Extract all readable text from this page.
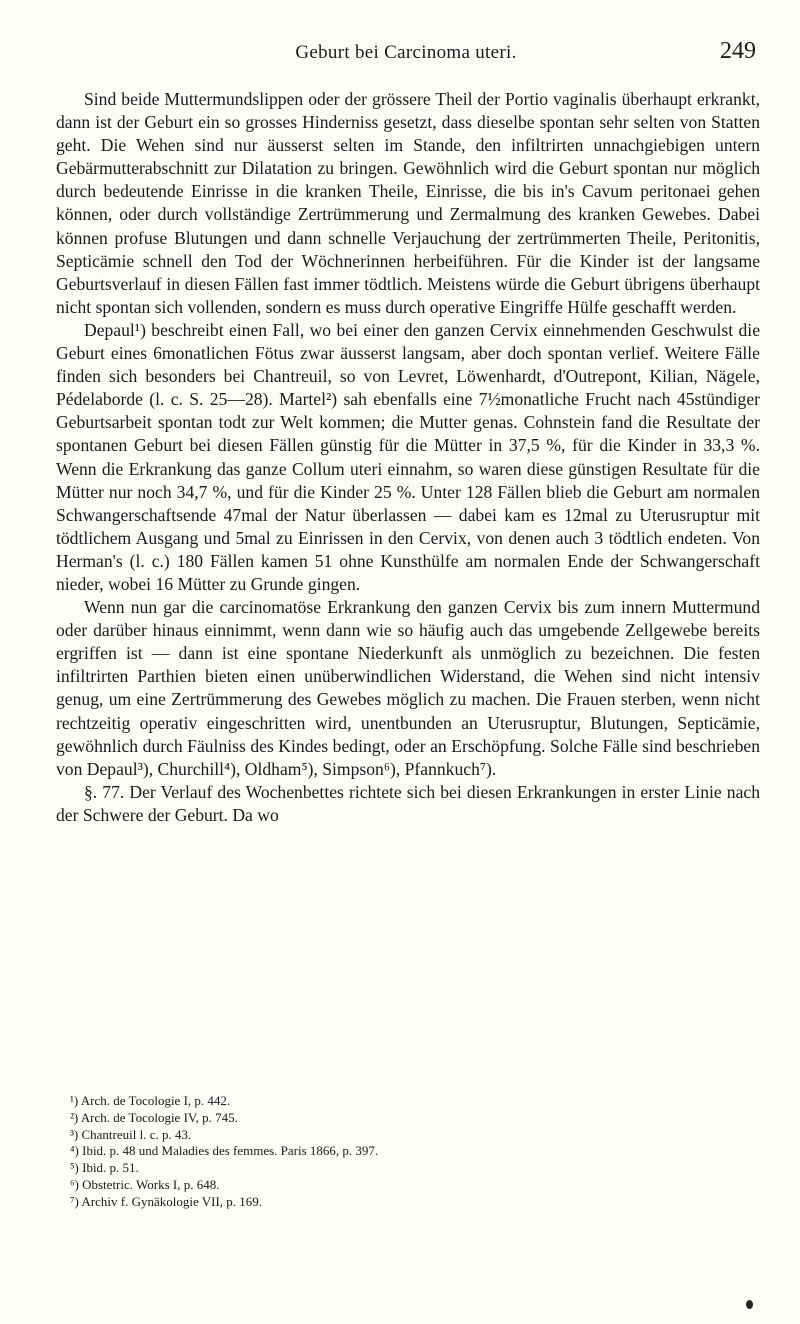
Geburt bei Carcinoma uteri.	249

Sind beide Muttermundslippen oder der grössere Theil der Portio vaginalis überhaupt erkrankt, dann ist der Geburt ein so grosses Hinderniss gesetzt, dass dieselbe spontan sehr selten von Statten geht. Die Wehen sind nur äusserst selten im Stande, den infiltrirten unnachgiebigen untern Gebärmutterabschnitt zur Dilatation zu bringen. Gewöhnlich wird die Geburt spontan nur möglich durch bedeutende Einrisse in die kranken Theile, Einrisse, die bis in's Cavum peritonaei gehen können, oder durch vollständige Zertrümmerung und Zermalmung des kranken Gewebes. Dabei können profuse Blutungen und dann schnelle Verjauchung der zertrümmerten Theile, Peritonitis, Septicämie schnell den Tod der Wöchnerinnen herbeiführen. Für die Kinder ist der langsame Geburtsverlauf in diesen Fällen fast immer tödtlich. Meistens würde die Geburt übrigens überhaupt nicht spontan sich vollenden, sondern es muss durch operative Eingriffe Hülfe geschafft werden.

Depaul¹) beschreibt einen Fall, wo bei einer den ganzen Cervix einnehmenden Geschwulst die Geburt eines 6monatlichen Fötus zwar äusserst langsam, aber doch spontan verlief. Weitere Fälle finden sich besonders bei Chantreuil, so von Levret, Löwenhardt, d'Outrepont, Kilian, Nägele, Pédelaborde (l. c. S. 25—28). Martel²) sah ebenfalls eine 7½monatliche Frucht nach 45stündiger Geburtsarbeit spontan todt zur Welt kommen; die Mutter genas. Cohnstein fand die Resultate der spontanen Geburt bei diesen Fällen günstig für die Mütter in 37,5 %, für die Kinder in 33,3 %. Wenn die Erkrankung das ganze Collum uteri einnahm, so waren diese günstigen Resultate für die Mütter nur noch 34,7 %, und für die Kinder 25 %. Unter 128 Fällen blieb die Geburt am normalen Schwangerschaftsende 47mal der Natur überlassen — dabei kam es 12mal zu Uterusruptur mit tödtlichem Ausgang und 5mal zu Einrissen in den Cervix, von denen auch 3 tödtlich endeten. Von Herman's (l. c.) 180 Fällen kamen 51 ohne Kunsthülfe am normalen Ende der Schwangerschaft nieder, wobei 16 Mütter zu Grunde gingen.

Wenn nun gar die carcinomatöse Erkrankung den ganzen Cervix bis zum innern Muttermund oder darüber hinaus einnimmt, wenn dann wie so häufig auch das umgebende Zellgewebe bereits ergriffen ist — dann ist eine spontane Niederkunft als unmöglich zu bezeichnen. Die festen infiltrirten Parthien bieten einen unüberwindlichen Widerstand, die Wehen sind nicht intensiv genug, um eine Zertrümmerung des Gewebes möglich zu machen. Die Frauen sterben, wenn nicht rechtzeitig operativ eingeschritten wird, unentbunden an Uterusruptur, Blutungen, Septicämie, gewöhnlich durch Fäulniss des Kindes bedingt, oder an Erschöpfung. Solche Fälle sind beschrieben von Depaul³), Churchill⁴), Oldham⁵), Simpson⁶), Pfannkuch⁷).

§. 77. Der Verlauf des Wochenbettes richtete sich bei diesen Erkrankungen in erster Linie nach der Schwere der Geburt. Da wo

¹) Arch. de Tocologie I, p. 442.
²) Arch. de Tocologie IV, p. 745.
³) Chantreuil l. c. p. 43.
⁴) Ibid. p. 48 und Maladies des femmes. Paris 1866, p. 397.
⁵) Ibid. p. 51.
⁶) Obstetric. Works I, p. 648.
⁷) Archiv f. Gynäkologie VII, p. 169.
